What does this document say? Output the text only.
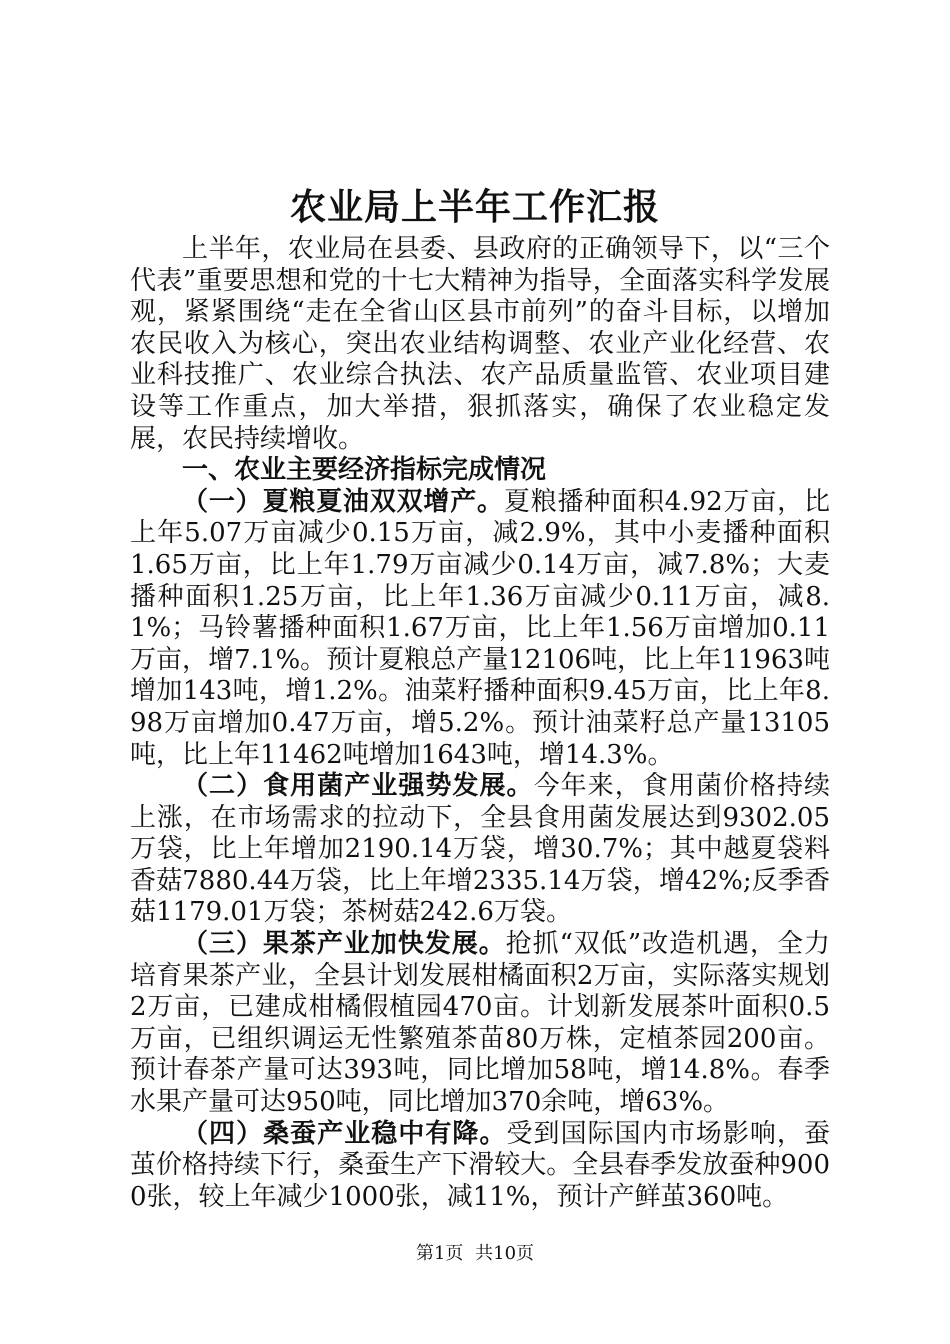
农业局上半年工作汇报

上半年，农业局在县委、县政府的正确领导下，以“三个代表”重要思想和党的十七大精神为指导，全面落实科学发展观，紧紧围绕“走在全省山区县市前列”的奋斗目标，以增加农民收入为核心，突出农业结构调整、农业产业化经营、农业科技推广、农业综合执法、农产品质量监管、农业项目建设等工作重点，加大举措，狠抓落实，确保了农业稳定发展，农民持续增收。

一、农业主要经济指标完成情况

（一）夏粮夏油双双增产。夏粮播种面积4.92万亩，比上年5.07万亩减少0.15万亩，减2.9%，其中小麦播种面积1.65万亩，比上年1.79万亩减少0.14万亩，减7.8%；大麦播种面积1.25万亩，比上年1.36万亩减少0.11万亩，减8.1%；马铃薯播种面积1.67万亩，比上年1.56万亩增加0.11万亩，增7.1%。预计夏粮总产量12106吨，比上年11963吨增加143吨，增1.2%。油菜籽播种面积9.45万亩，比上年8.98万亩增加0.47万亩，增5.2%。预计油菜籽总产量13105吨，比上年11462吨增加1643吨，增14.3%。

（二）食用菌产业强势发展。今年来，食用菌价格持续上涨，在市场需求的拉动下，全县食用菌发展达到9302.05万袋，比上年增加2190.14万袋，增30.7%；其中越夏袋料香菇7880.44万袋，比上年增2335.14万袋，增42%;反季香菇1179.01万袋；茶树菇242.6万袋。

（三）果茶产业加快发展。抢抓“双低”改造机遇，全力培育果茶产业，全县计划发展柑橘面积2万亩，实际落实规划2万亩，已建成柑橘假植园470亩。计划新发展茶叶面积0.5万亩，已组织调运无性繁殖茶苗80万株，定植茶园200亩。预计春茶产量可达393吨，同比增加58吨，增14.8%。春季水果产量可达950吨，同比增加370余吨，增63%。

（四）桑蚕产业稳中有降。受到国际国内市场影响，蚕茧价格持续下行，桑蚕生产下滑较大。全县春季发放蚕种9000张，较上年减少1000张，减11%，预计产鲜茧360吨。

第1页 共10页
